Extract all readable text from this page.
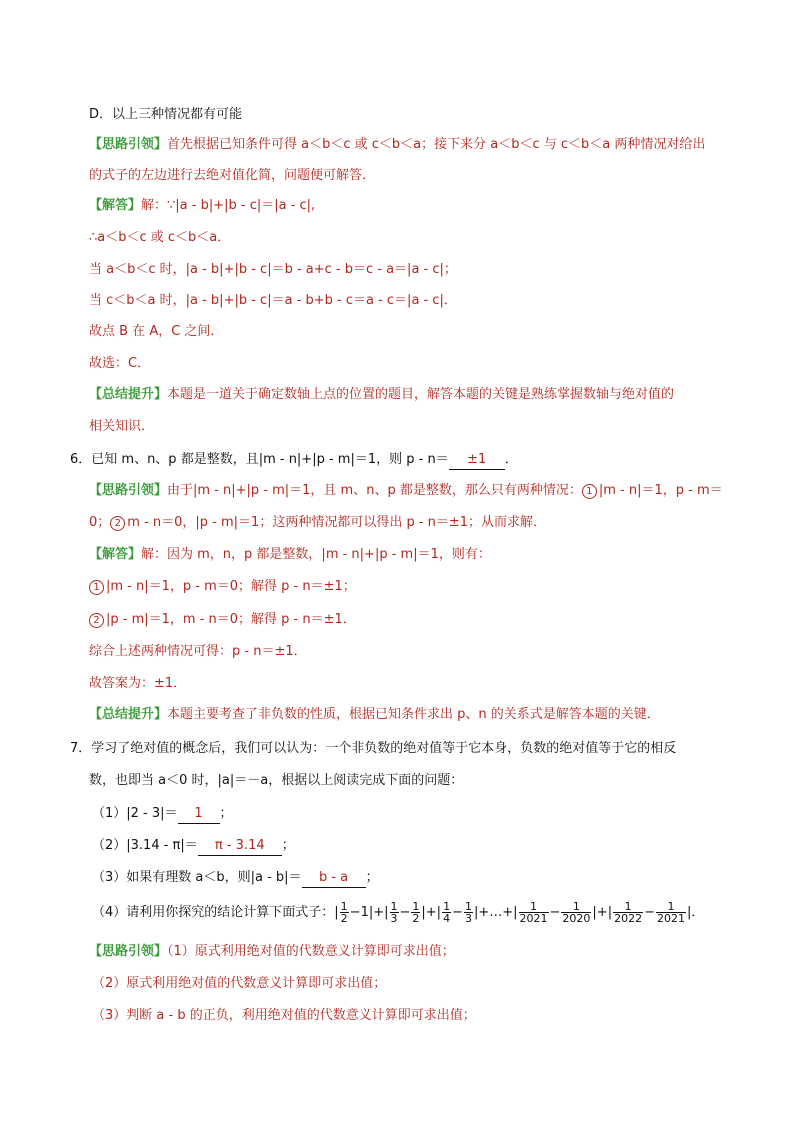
D．以上三种情况都有可能
【思路引领】首先根据已知条件可得 a＜b＜c 或 c＜b＜a；接下来分 a＜b＜c 与 c＜b＜a 两种情况对给出
的式子的左边进行去绝对值化简，问题便可解答．
【解答】解：∵|a - b|+|b - c|＝|a - c|,
∴a＜b＜c 或 c＜b＜a．
当 a＜b＜c 时，|a - b|+|b - c|＝b - a+c - b＝c - a＝|a - c|；
当 c＜b＜a 时，|a - b|+|b - c|＝a - b+b - c＝a - c＝|a - c|．
故点 B 在 A，C 之间．
故选：C．
【总结提升】本题是一道关于确定数轴上点的位置的题目，解答本题的关键是熟练掌握数轴与绝对值的
相关知识．
6．已知 m、n、p 都是整数，且|m - n|+|p - m|＝1，则 p - n＝ ±1 ．
【思路引领】由于|m - n|+|p - m|＝1，且 m、n、p 都是整数，那么只有两种情况： 1 |m - n|＝1，p - m＝
0； 2 m - n＝0，|p - m|＝1；这两种情况都可以得出 p - n＝±1；从而求解．
【解答】解：因为 m，n，p 都是整数，|m - n|+|p - m|＝1，则有：
1 |m - n|＝1，p - m＝0；解得 p - n＝±1；
2 |p - m|＝1，m - n＝0；解得 p - n＝±1．
综合上述两种情况可得：p - n＝±1．
故答案为：±1．
【总结提升】本题主要考查了非负数的性质，根据已知条件求出 p、n 的关系式是解答本题的关键．
7．学习了绝对值的概念后，我们可以认为：一个非负数的绝对值等于它本身，负数的绝对值等于它的相反
数，也即当 a＜0 时，|a|＝－a，根据以上阅读完成下面的问题：
（1）|2 - 3|＝ 1 ；
（2）|3.14 - π|＝ π - 3.14 ；
（3）如果有理数 a＜b，则|a - b|＝ b - a ；
（4）请利用你探究的结论计算下面式子：| $\frac{1}{2} -1|+| \frac{1}{3} - \frac{1}{2}$ |+| $\frac{1}{4} - \frac{1}{3}$ |+…+| $\frac{1}{2021} - \frac{1}{2020}$ |+| $\frac{1}{2022} - \frac{1}{2021}$ |．
【思路引领】（1）原式利用绝对值的代数意义计算即可求出值；
（2）原式利用绝对值的代数意义计算即可求出值；
（3）判断 a - b 的正负，利用绝对值的代数意义计算即可求出值；
